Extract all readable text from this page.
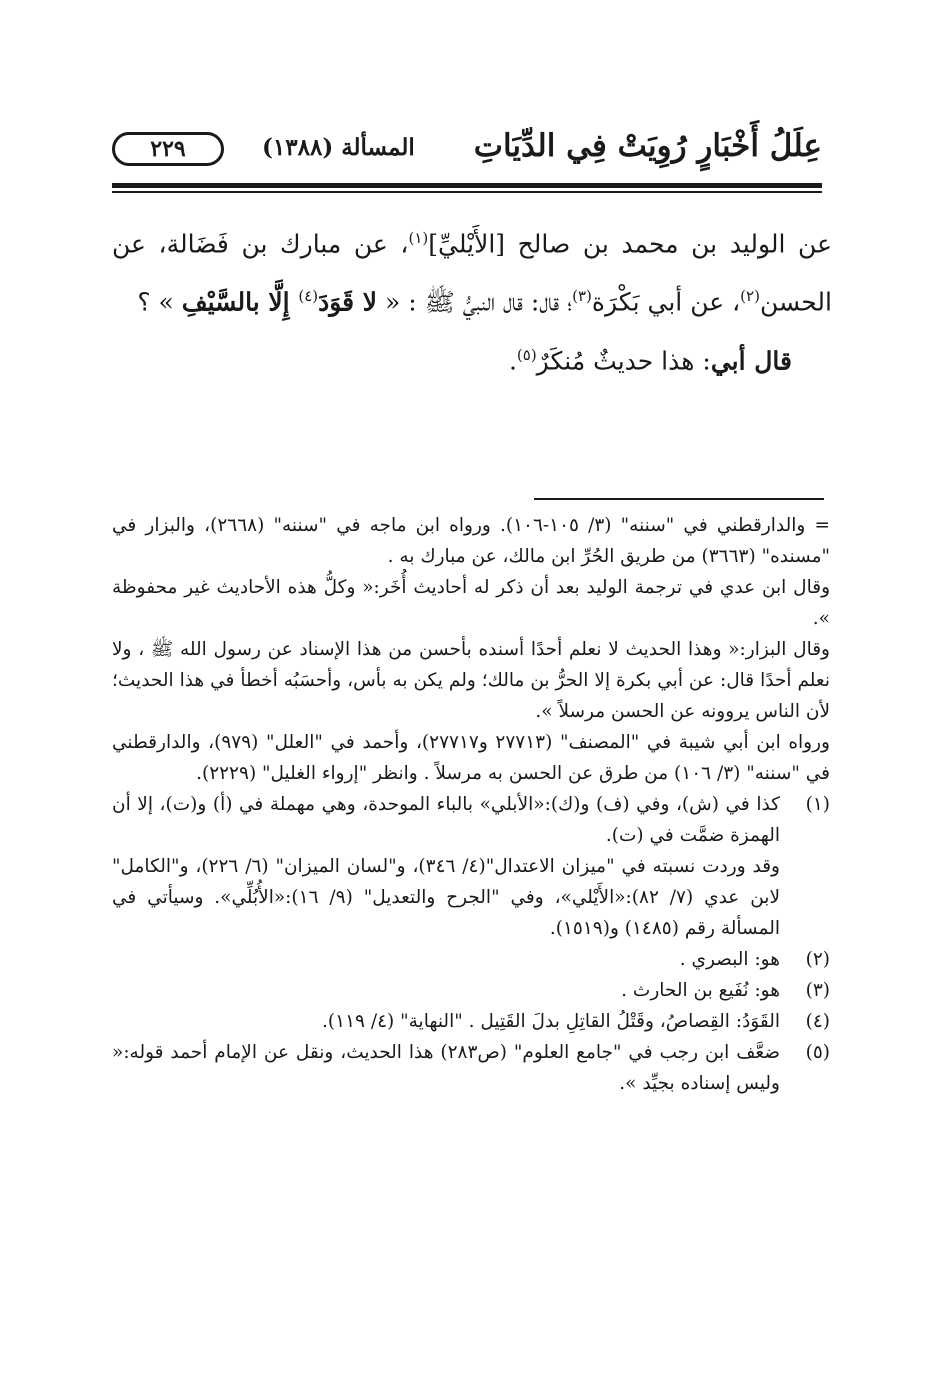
عِلَلُ أَخْبَارٍ رُوِيَتْ فِي الدِّيَاتِ
المسألة (١٣٨٨)
٢٢٩

عن الوليد بن محمد بن صالح [الأَيْليِّ]$^{(١)}$، عن مبارك بن فَضَالة، عن الحسن$^{(٢)}$، عن أبي بَكْرَة$^{(٣)}$؛ قال: قال النبيُّ ﷺ : « لا قَوَدَ$^{(٤)}$ إِلَّا بالسَّيْفِ » ؟

قال أبي: هذا حديثٌ مُنكَرٌ$^{(٥)}$.

= والدارقطني في "سننه" (٣/ ١٠٥-١٠٦). ورواه ابن ماجه في "سننه" (٢٦٦٨)، والبزار في "مسنده" (٣٦٦٣) من طريق الحُرِّ ابن مالك، عن مبارك به .

وقال ابن عدي في ترجمة الوليد بعد أن ذكر له أحاديث أُخَر:« وكلُّ هذه الأحاديث غير محفوظة ».

وقال البزار:« وهذا الحديث لا نعلم أحدًا أسنده بأحسن من هذا الإسناد عن رسول الله ﷺ ، ولا نعلم أحدًا قال: عن أبي بكرة إلا الحرُّ بن مالك؛ ولم يكن به بأس، وأحسَبُه أخطأ في هذا الحديث؛ لأن الناس يروونه عن الحسن مرسلاً ».

ورواه ابن أبي شيبة في "المصنف" (٢٧٧١٣ و٢٧٧١٧)، وأحمد في "العلل" (٩٧٩)، والدارقطني في "سننه" (٣/ ١٠٦) من طرق عن الحسن به مرسلاً . وانظر "إرواء الغليل" (٢٢٢٩).

(١)

كذا في (ش)، وفي (ف) و(ك):«الأبلي» بالباء الموحدة، وهي مهملة في (أ) و(ت)، إلا أن الهمزة ضمَّت في (ت).

وقد وردت نسبته في "ميزان الاعتدال"(٤/ ٣٤٦)، و"لسان الميزان" (٦/ ٢٢٦)، و"الكامل" لابن عدي (٧/ ٨٢):«الأَيْلي»، وفي "الجرح والتعديل" (٩/ ١٦):«الأُبُلِّي». وسيأتي في المسألة رقم (١٤٨٥) و(١٥١٩).

(٢)

هو: البصري .

(٣)

هو: نُفَيع بن الحارث .

(٤)

القَوَدُ: القِصاصُ، وقَتْلُ القاتِلِ بدلَ القَتِيل . "النهاية" (٤/ ١١٩).

(٥)

ضعَّف ابن رجب في "جامع العلوم" (ص٢٨٣) هذا الحديث، ونقل عن الإمام أحمد قوله:« وليس إسناده بجيِّد ».
